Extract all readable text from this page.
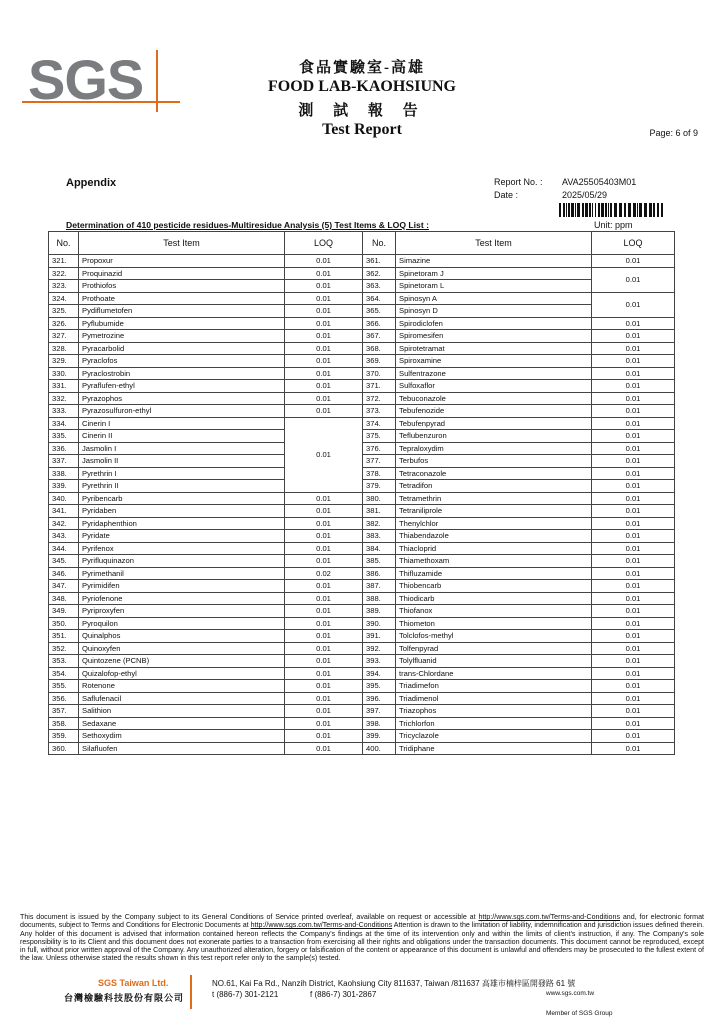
SGS	食品實驗室-高雄
FOOD LAB-KAOHSIUNG
測 試 報 告
Test Report	Page: 6 of 9
Appendix	Report No. : AVA25505403M01
Date :	2025/05/29
Determination of 410 pesticide residues-Multiresidue Analysis (5) Test Items & LOQ List :	Unit: ppm
No.	Test Item	LOQ	No.	Test Item	LOQ
321.	Propoxur	0.01	361.	Simazine	0.01
322.	Proquinazid	0.01	362.	Spinetoram J	0.01
323.	Prothiofos	0.01	363.	Spinetoram L	
324.	Prothoate	0.01	364.	Spinosyn A	0.01
325.	Pydiflumetofen	0.01	365.	Spinosyn D	
326.	Pyflubumide	0.01	366.	Spirodiclofen	0.01
327.	Pymetrozine	0.01	367.	Spiromesifen	0.01
328.	Pyracarbolid	0.01	368.	Spirotetramat	0.01
329.	Pyraclofos	0.01	369.	Spiroxamine	0.01
330.	Pyraclostrobin	0.01	370.	Sulfentrazone	0.01
331.	Pyraflufen-ethyl	0.01	371.	Sulfoxaflor	0.01
332.	Pyrazophos	0.01	372.	Tebuconazole	0.01
333.	Pyrazosulfuron-ethyl	0.01	373.	Tebufenozide	0.01
334.	Cinerin I	0.01	374.	Tebufenpyrad	0.01
335.	Cinerin II		375.	Teflubenzuron	0.01
336.	Jasmolin I		376.	Tepraloxydim	0.01
337.	Jasmolin II		377.	Terbufos	0.01
338.	Pyrethrin I		378.	Tetraconazole	0.01
339.	Pyrethrin II		379.	Tetradifon	0.01
340.	Pyribencarb	0.01	380.	Tetramethrin	0.01
341.	Pyridaben	0.01	381.	Tetraniliprole	0.01
342.	Pyridaphenthion	0.01	382.	Thenylchlor	0.01
343.	Pyridate	0.01	383.	Thiabendazole	0.01
344.	Pyrifenox	0.01	384.	Thiacloprid	0.01
345.	Pyrifluquinazon	0.01	385.	Thiamethoxam	0.01
346.	Pyrimethanil	0.02	386.	Thifluzamide	0.01
347.	Pyrimidifen	0.01	387.	Thiobencarb	0.01
348.	Pyriofenone	0.01	388.	Thiodicarb	0.01
349.	Pyriproxyfen	0.01	389.	Thiofanox	0.01
350.	Pyroquilon	0.01	390.	Thiometon	0.01
351.	Quinalphos	0.01	391.	Tolclofos-methyl	0.01
352.	Quinoxyfen	0.01	392.	Tolfenpyrad	0.01
353.	Quintozene (PCNB)	0.01	393.	Tolylfluanid	0.01
354.	Quizalofop-ethyl	0.01	394.	trans-Chlordane	0.01
355.	Rotenone	0.01	395.	Triadimefon	0.01
356.	Saflufenacil	0.01	396.	Triadimenol	0.01
357.	Salithion	0.01	397.	Triazophos	0.01
358.	Sedaxane	0.01	398.	Trichlorfon	0.01
359.	Sethoxydim	0.01	399.	Tricyclazole	0.01
360.	Silafluofen	0.01	400.	Tridiphane	0.01
This document is issued by the Company subject to its General Conditions of Service printed overleaf, available on request or accessible at http://www.sgs.com.tw/Terms-and-Conditions and, for electronic format documents, subject to Terms and Conditions for Electronic Documents at http://www.sgs.com.tw/Terms-and-Conditions Attention is drawn to the limitation of liability, indemnification and jurisdiction issues defined therein. Any holder of this document is advised that information contained hereon reflects the Company's findings at the time of its intervention only and within the limits of client's instruction, if any. The Company's sole responsibility is to its Client and this document does not exonerate parties to a transaction from exercising all their rights and obligations under the transaction documents. This document cannot be reproduced, except in full, without prior written approval of the Company. Any unauthorized alteration, forgery or falsification of the content or appearance of this document is unlawful and offenders may be prosecuted to the fullest extent of the law. Unless otherwise stated the results shown in this test report refer only to the sample(s) tested.
SGS Taiwan Ltd.
台灣檢驗科技股份有限公司
NO.61, Kai Fa Rd., Nanzih District, Kaohsiung City 811637, Taiwan /811637 高雄市楠梓區開發路 61 號
t (886-7) 301-2121	f (886-7) 301-2867	www.sgs.com.tw
Member of SGS Group
